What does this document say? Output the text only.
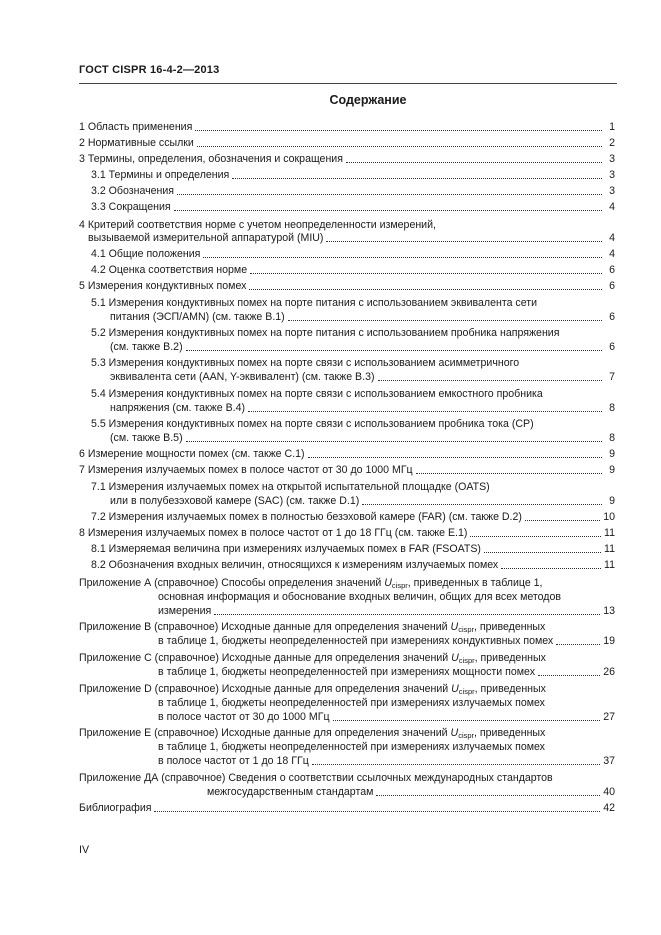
ГОСТ CISPR 16-4-2—2013
Содержание
1 Область применения	1
2 Нормативные ссылки	2
3 Термины, определения, обозначения и сокращения	3
3.1 Термины и определения	3
3.2 Обозначения	3
3.3 Сокращения	4
4 Критерий соответствия норме с учетом неопределенности измерений,
вызываемой измерительной аппаратурой (MIU)	4
4.1 Общие положения	4
4.2 Оценка соответствия норме	6
5 Измерения кондуктивных помех	6
5.1 Измерения кондуктивных помех на порте питания с использованием эквивалента сети
питания (ЭСП/AMN) (см. также В.1)	6
5.2 Измерения кондуктивных помех на порте питания с использованием пробника напряжения
(см. также В.2)	6
5.3 Измерения кондуктивных помех на порте связи с использованием асимметричного
эквивалента сети (AAN, Y-эквивалент) (см. также В.3)	7
5.4 Измерения кондуктивных помех на порте связи с использованием емкостного пробника
напряжения (см. также В.4)	8
5.5 Измерения кондуктивных помех на порте связи с использованием пробника тока (СР)
(см. также В.5)	8
6 Измерение мощности помех (см. также С.1)	9
7 Измерения излучаемых помех в полосе частот от 30 до 1000 МГц	9
7.1 Измерения излучаемых помех на открытой испытательной площадке (OATS)
или в полубезэховой камере (SAC) (см. также D.1)	9
7.2 Измерения излучаемых помех в полностью безэховой камере (FAR) (см. также D.2)	10
8 Измерения излучаемых помех в полосе частот от 1 до 18 ГГц (см. также Е.1)	11
8.1 Измеряемая величина при измерениях излучаемых помех в FAR (FSOATS)	11
8.2 Обозначения входных величин, относящихся к измерениям излучаемых помех	11
Приложение А (справочное) Способы определения значений Ucispr, приведенных в таблице 1,
основная информация и обоснование входных величин, общих для всех методов
измерения	13
Приложение В (справочное) Исходные данные для определения значений Ucispr, приведенных
в таблице 1, бюджеты неопределенностей при измерениях кондуктивных помех	19
Приложение С (справочное) Исходные данные для определения значений Ucispr, приведенных
в таблице 1, бюджеты неопределенностей при измерениях мощности помех	26
Приложение D (справочное) Исходные данные для определения значений Ucispr, приведенных
в таблице 1, бюджеты неопределенностей при измерениях излучаемых помех
в полосе частот от 30 до 1000 МГц	27
Приложение Е (справочное) Исходные данные для определения значений Ucispr, приведенных
в таблице 1, бюджеты неопределенностей при измерениях излучаемых помех
в полосе частот от 1 до 18 ГГц	37
Приложение ДА (справочное) Сведения о соответствии ссылочных международных стандартов
межгосударственным стандартам	40
Библиография	42
IV
